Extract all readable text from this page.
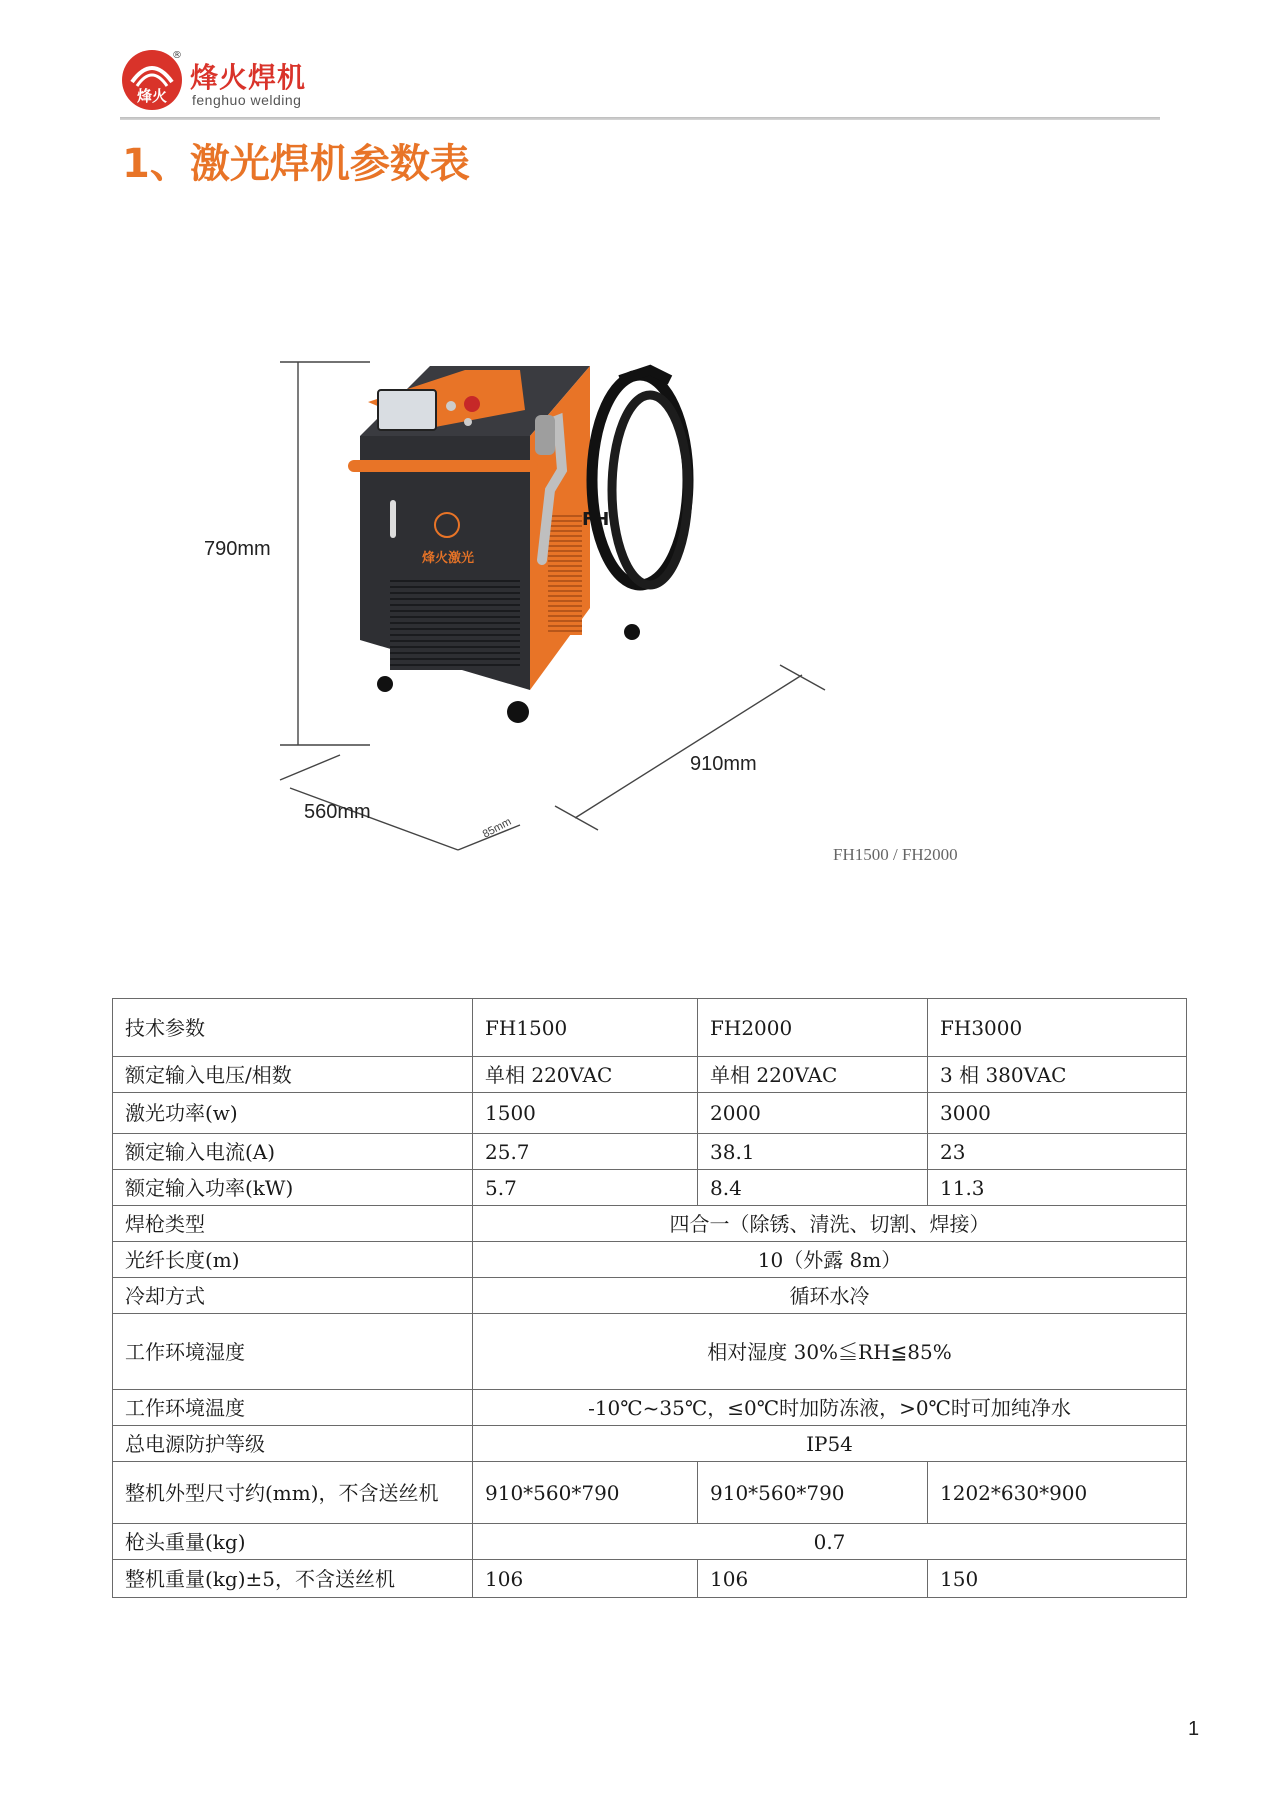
烽火
®
烽火焊机
fenghuo welding
1、激光焊机参数表
烽火激光
FH
790mm
560mm
910mm
85mm
FH1500 / FH2000
技术参数	FH1500	FH2000	FH3000
额定输入电压/相数	单相 220VAC	单相 220VAC	3 相 380VAC
激光功率(w)	1500	2000	3000
额定输入电流(A)	25.7	38.1	23
额定输入功率(kW)	5.7	8.4	11.3
焊枪类型	四合一（除锈、清洗、切割、焊接）		
光纤长度(m)	10（外露 8m）		
冷却方式	循环水冷		
工作环境湿度	相对湿度 30%≦RH≦85%		
工作环境温度	-10℃~35℃，≤0℃时加防冻液，>0℃时可加纯净水		
总电源防护等级	IP54		
整机外型尺寸约(mm)，不含送丝机	910*560*790	910*560*790	1202*630*900
枪头重量(kg)	0.7		
整机重量(kg)±5，不含送丝机	106	106	150
1
